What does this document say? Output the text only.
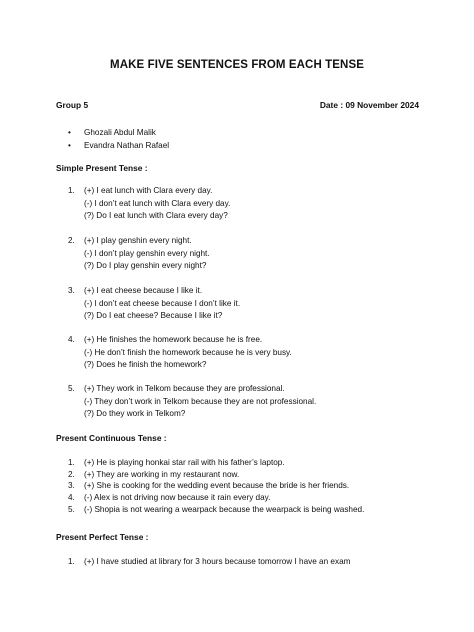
MAKE FIVE SENTENCES FROM EACH TENSE
Group 5	Date : 09 November 2024
• Ghozali Abdul Malik
• Evandra Nathan Rafael
Simple Present Tense :
1. (+) I eat lunch with Clara every day.
(-) I don’t eat lunch with Clara every day.
(?) Do I eat lunch with Clara every day?
2. (+) I play genshin every night.
(-) I don’t play genshin every night.
(?) Do I play genshin every night?
3. (+) I eat cheese because I like it.
(-) I don’t eat cheese because I don’t like it.
(?) Do I eat cheese? Because I like it?
4. (+) He finishes the homework because he is free.
(-) He don’t finish the homework because he is very busy.
(?) Does he finish the homework?
5. (+) They work in Telkom because they are professional.
(-) They don’t work in Telkom because they are not professional.
(?) Do they work in Telkom?
Present Continuous Tense :
1. (+) He is playing honkai star rail with his father’s laptop.
2. (+) They are working in my restaurant now.
3. (+) She is cooking for the wedding event because the bride is her friends.
4. (-) Alex is not driving now because it rain every day.
5. (-) Shopia is not wearing a wearpack because the wearpack is being washed.
Present Perfect Tense :
1. (+) I have studied at library for 3 hours because tomorrow I have an exam
